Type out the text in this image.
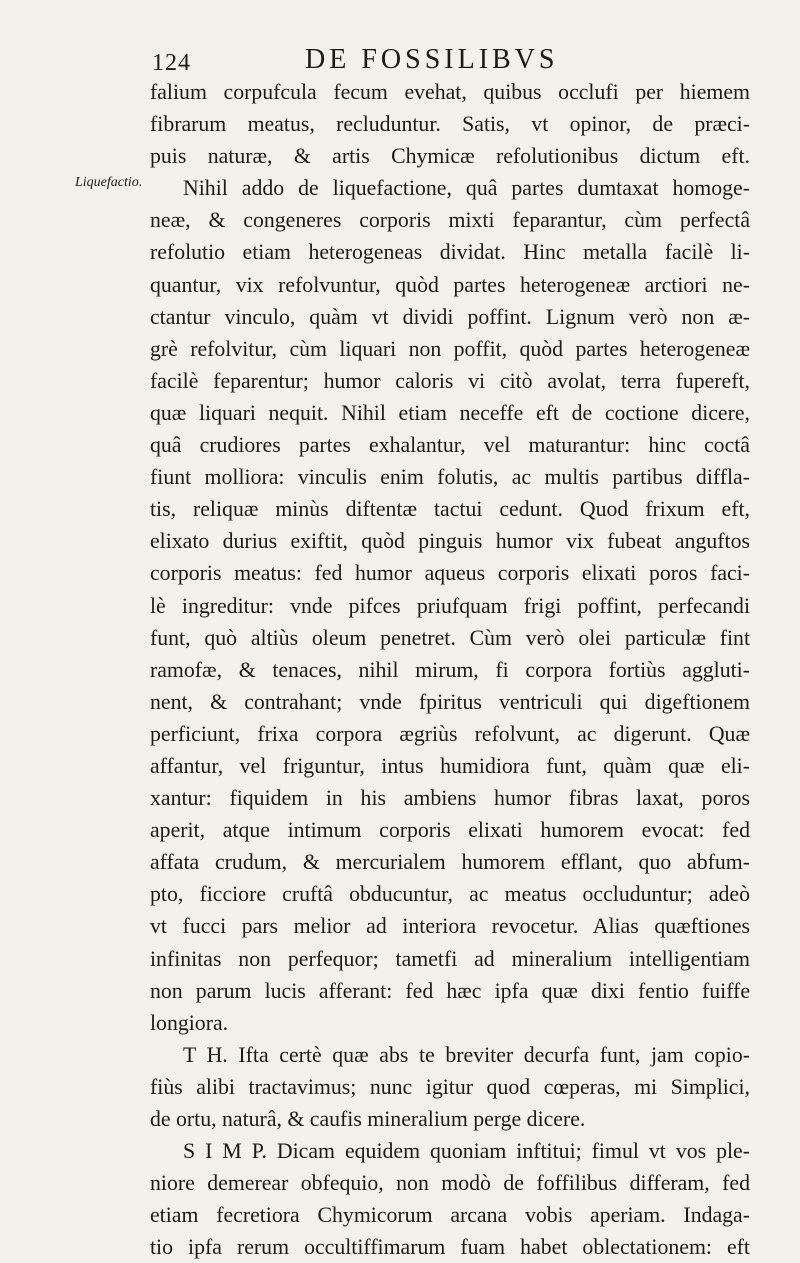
124	DE FOSSILIBVS
Liquefactio.
falium corpufcula fecum evehat, quibus occlufi per hiemem
fibrarum meatus, recluduntur. Satis, vt opinor, de præci-
puis naturæ, & artis Chymicæ refolutionibus dictum eft.
Nihil addo de liquefactione, quâ partes dumtaxat homoge-
neæ, & congeneres corporis mixti feparantur, cùm perfectâ
refolutio etiam heterogeneas dividat. Hinc metalla facilè li-
quantur, vix refolvuntur, quòd partes heterogeneæ arctiori ne-
ctantur vinculo, quàm vt dividi poffint. Lignum verò non æ-
grè refolvitur, cùm liquari non poffit, quòd partes heterogeneæ
facilè feparentur; humor caloris vi citò avolat, terra fupereft,
quæ liquari nequit. Nihil etiam neceffe eft de coctione dicere,
quâ crudiores partes exhalantur, vel maturantur: hinc coctâ
fiunt molliora: vinculis enim folutis, ac multis partibus diffla-
tis, reliquæ minùs diftentæ tactui cedunt. Quod frixum eft,
elixato durius exiftit, quòd pinguis humor vix fubeat anguftos
corporis meatus: fed humor aqueus corporis elixati poros faci-
lè ingreditur: vnde pifces priufquam frigi poffint, perfecandi
funt, quò altiùs oleum penetret. Cùm verò olei particulæ fint
ramofæ, & tenaces, nihil mirum, fi corpora fortiùs aggluti-
nent, & contrahant; vnde fpiritus ventriculi qui digeftionem
perficiunt, frixa corpora ægriùs refolvunt, ac digerunt. Quæ
affantur, vel friguntur, intus humidiora funt, quàm quæ eli-
xantur: fiquidem in his ambiens humor fibras laxat, poros
aperit, atque intimum corporis elixati humorem evocat: fed
affata crudum, & mercurialem humorem efflant, quo abfum-
pto, ficciore cruftâ obducuntur, ac meatus occluduntur; adeò
vt fucci pars melior ad interiora revocetur. Alias quæftiones
infinitas non perfequor; tametfi ad mineralium intelligentiam
non parum lucis afferant: fed hæc ipfa quæ dixi fentio fuiffe
longiora.
T H. Ifta certè quæ abs te breviter decurfa funt, jam copio-
fiùs alibi tractavimus; nunc igitur quod cœperas, mi Simplici,
de ortu, naturâ, & caufis mineralium perge dicere.
S I M P. Dicam equidem quoniam inftitui; fimul vt vos ple-
niore demerear obfequio, non modò de foffilibus differam, fed
etiam fecretiora Chymicorum arcana vobis aperiam. Indaga-
tio ipfa rerum occultiffimarum fuam habet oblectationem: eft
